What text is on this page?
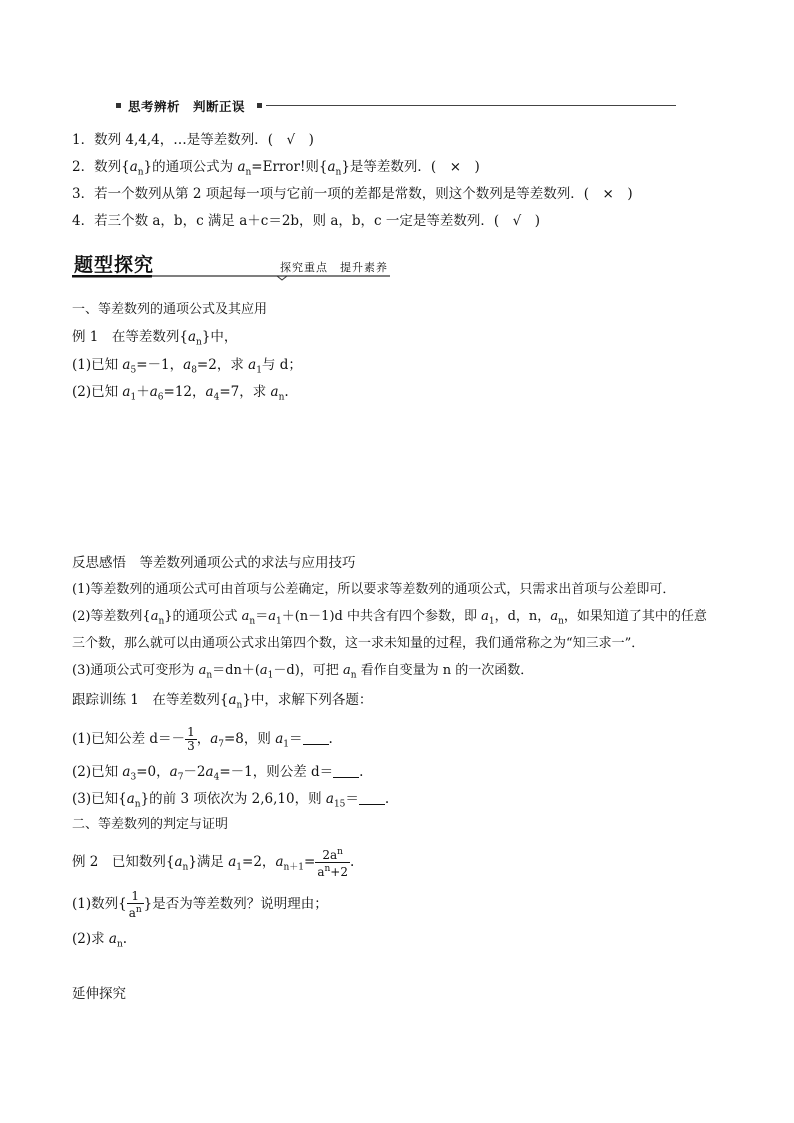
思考辨析　判断正误
1．数列 4,4,4，…是等差数列．(　√　)
2．数列$\{a_n\}$的通项公式为 $a_n=Error$!则$\{a_n\}$是等差数列．(　×　)
3．若一个数列从第 2 项起每一项与它前一项的差都是常数，则这个数列是等差数列．(　×　)
4．若三个数 a，b，c 满足 a＋c＝2b，则 a，b，c 一定是等差数列．(　√　)
题型探究	探究重点　提升素养
一、等差数列的通项公式及其应用
例 1　在等差数列$\{a_n\}$中，
(1)已知 $a_5=-1$，$a_8=2$，求 $a_1$与 d；
(2)已知 $a_1+a_6=12$，$a_4=7$，求 $a_n$.
反思感悟　等差数列通项公式的求法与应用技巧
(1)等差数列的通项公式可由首项与公差确定，所以要求等差数列的通项公式，只需求出首项与公差即可．
(2)等差数列$\{a_n\}$的通项公式 $a_n=a_1+(n-1)d$ 中共含有四个参数，即 $a_1$，d，n，$a_n$，如果知道了其中的任意
三个数，那么就可以由通项公式求出第四个数，这一求未知量的过程，我们通常称之为“知三求一”．
(3)通项公式可变形为 $a_n=dn+(a_1-d)$，可把 $a_n$ 看作自变量为 n 的一次函数．
跟踪训练 1　在等差数列$\{a_n\}$中，求解下列各题：
(1)已知公差 $d=- \frac{1}{3}$ ，$a_7=8$，则 $a_1=$ .
(2)已知 $a_3=0$，$a_7-2a_4=-1$，则公差 d＝ .
(3)已知$\{a_n\}$的前 3 项依次为 2,6,10，则 $a_{15}=$ .
二、等差数列的判定与证明
例 2　已知数列$\{a_n\}$满足 $a_1=2$，$a_{n+1}= \frac{2a^n}{a^n+2}$ .
(1)数列{ $\frac{1}{a^n}$ }是否为等差数列？说明理由；
(2)求 $a_n$.
延伸探究
